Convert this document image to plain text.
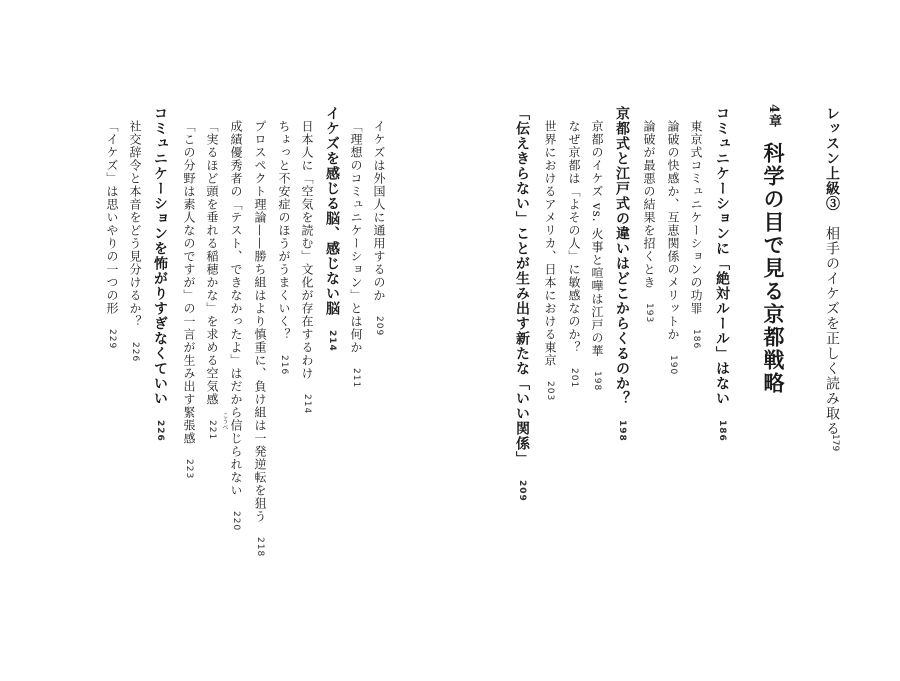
レッスン上級③　相手のイケズを正しく読み取る
179
4章
科学の目で見る京都戦略
コミュニケーションに「絶対ルール」はない186
東京式コミュニケーションの功罪186
論破の快感か、互恵関係のメリットか190
論破が最悪の結果を招くとき193
京都式と江戸式の違いはどこからくるのか？198
京都のイケズ vs. 火事と喧嘩は江戸の華198
なぜ京都は「よその人」に敏感なのか？201
世界におけるアメリカ、日本における東京203
「伝えきらない」ことが生み出す新たな「いい関係」209
イケズは外国人に通用するのか209
「理想のコミュニケーション」とは何か211
イケズを感じる脳、感じない脳214
日本人に「空気を読む」文化が存在するわけ214
ちょっと不安症のほうがうまくいく？216
プロスペクト理論——勝ち組はより慎重に、負け組は一発逆転を狙う218
成績優秀者の「テスト、できなかったよ」はだから信じられない220
「実るほど頭を垂れる稲穂かな」を求める空気感221
「この分野は素人なのですが」の一言が生み出す緊張感223
コミュニケーションを怖がりすぎなくていい226
社交辞令と本音をどう見分けるか？226
「イケズ」は思いやりの一つの形229
こうべ
